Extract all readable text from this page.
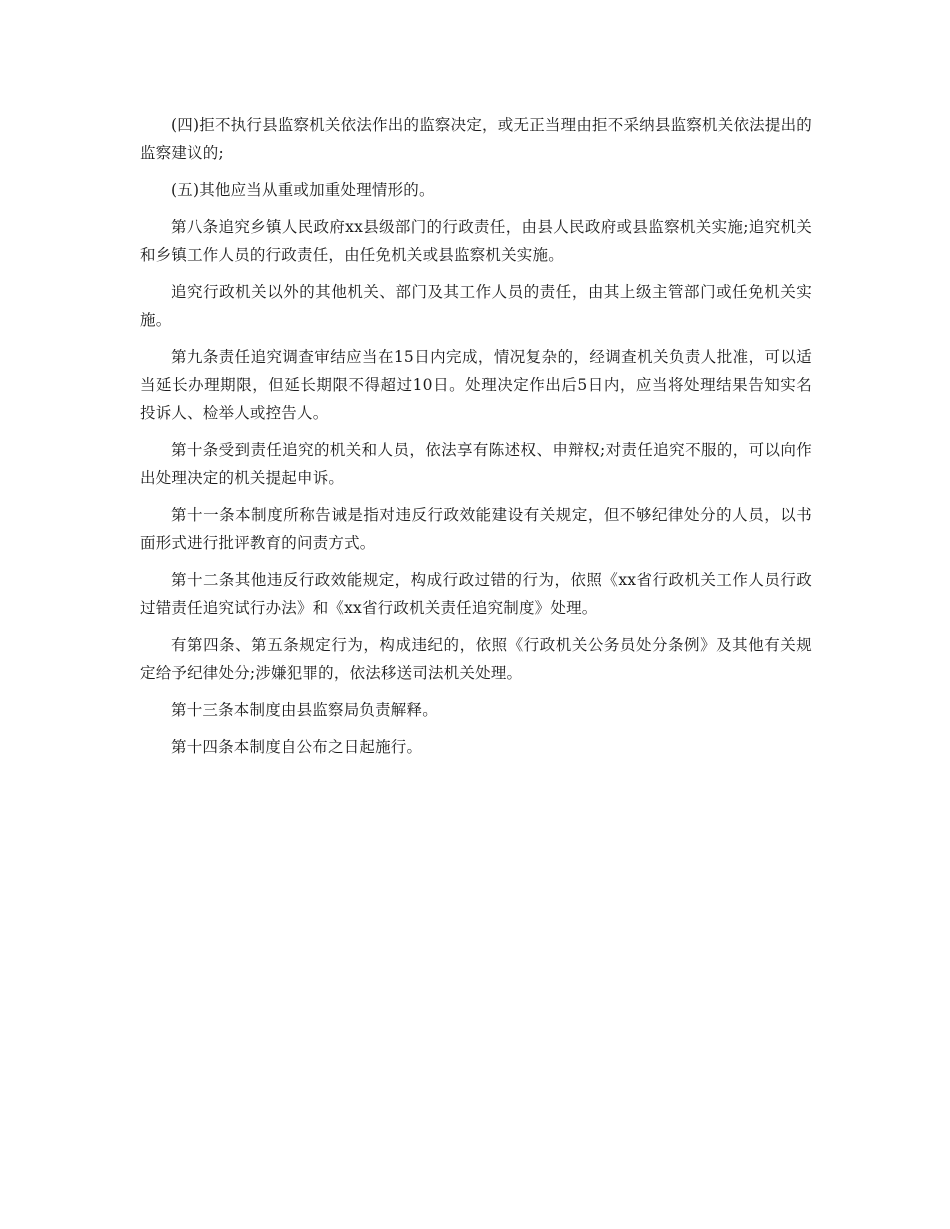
(四)拒不执行县监察机关依法作出的监察决定，或无正当理由拒不采纳县监察机关依法提出的监察建议的;

(五)其他应当从重或加重处理情形的。

第八条追究乡镇人民政府xx县级部门的行政责任，由县人民政府或县监察机关实施;追究机关和乡镇工作人员的行政责任，由任免机关或县监察机关实施。

追究行政机关以外的其他机关、部门及其工作人员的责任，由其上级主管部门或任免机关实施。

第九条责任追究调查审结应当在15日内完成，情况复杂的，经调查机关负责人批准，可以适当延长办理期限，但延长期限不得超过10日。处理决定作出后5日内，应当将处理结果告知实名投诉人、检举人或控告人。

第十条受到责任追究的机关和人员，依法享有陈述权、申辩权;对责任追究不服的，可以向作出处理决定的机关提起申诉。

第十一条本制度所称告诫是指对违反行政效能建设有关规定，但不够纪律处分的人员，以书面形式进行批评教育的问责方式。

第十二条其他违反行政效能规定，构成行政过错的行为，依照《xx省行政机关工作人员行政过错责任追究试行办法》和《xx省行政机关责任追究制度》处理。

有第四条、第五条规定行为，构成违纪的，依照《行政机关公务员处分条例》及其他有关规定给予纪律处分;涉嫌犯罪的，依法移送司法机关处理。

第十三条本制度由县监察局负责解释。

第十四条本制度自公布之日起施行。
